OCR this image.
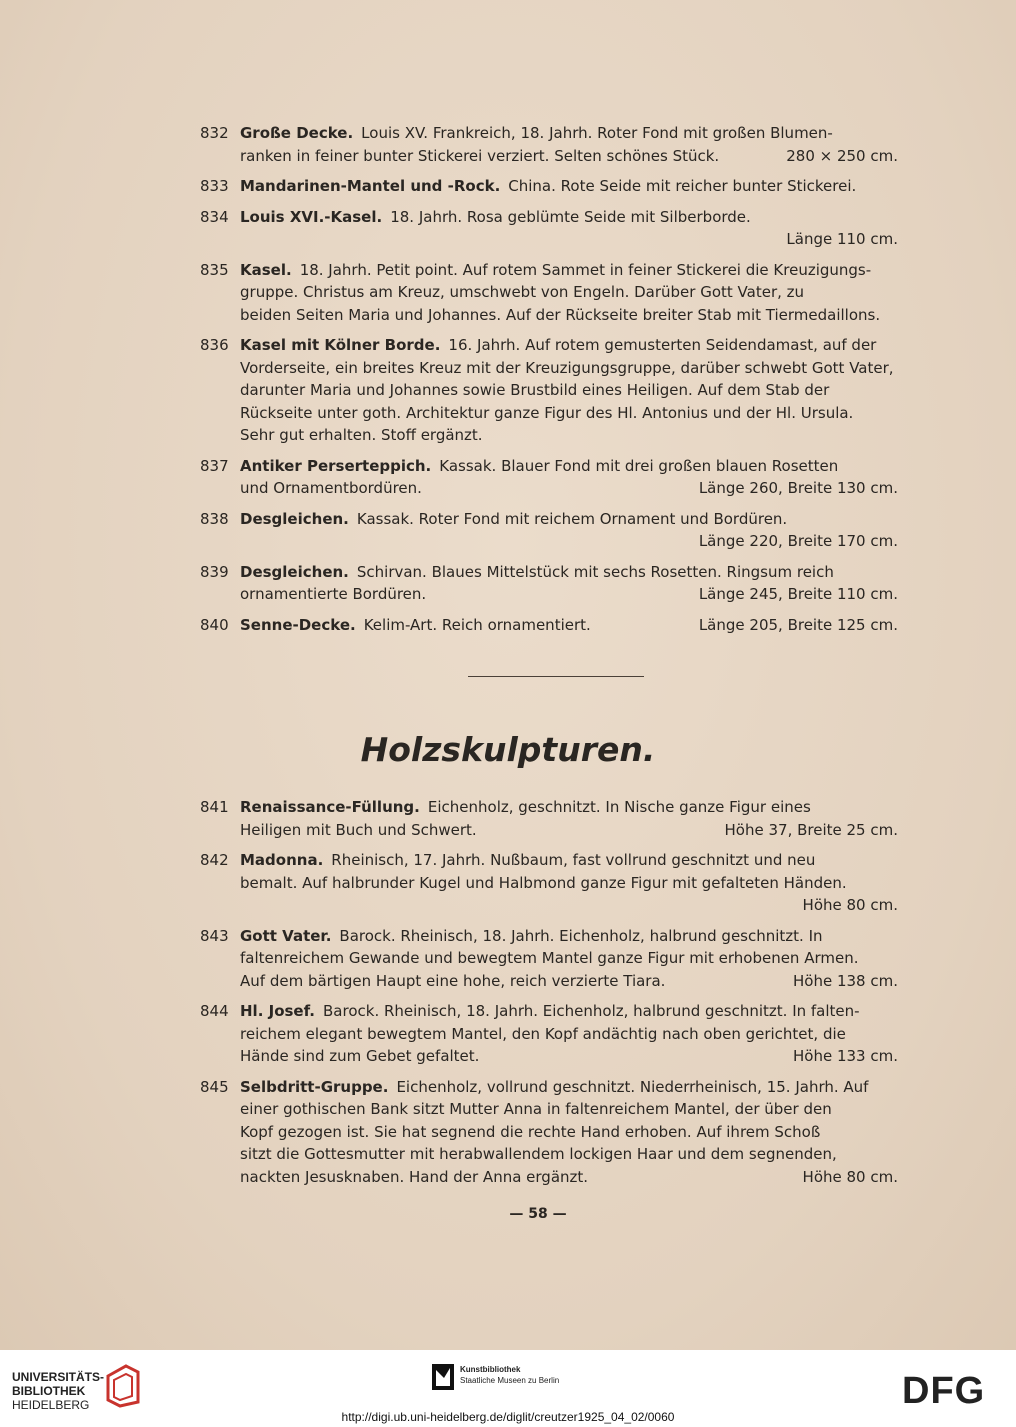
832 Große Decke. Louis XV. Frankreich, 18. Jahrh. Roter Fond mit großen Blumen-
ranken in feiner bunter Stickerei verziert. Selten schönes Stück.	280 × 250 cm.
833 Mandarinen-Mantel und -Rock. China. Rote Seide mit reicher bunter Stickerei.
834 Louis XVI.-Kasel. 18. Jahrh. Rosa geblümte Seide mit Silberborde.
Länge 110 cm.
835 Kasel. 18. Jahrh. Petit point. Auf rotem Sammet in feiner Stickerei die Kreuzigungs-
gruppe. Christus am Kreuz, umschwebt von Engeln. Darüber Gott Vater, zu
beiden Seiten Maria und Johannes. Auf der Rückseite breiter Stab mit Tiermedaillons.
836 Kasel mit Kölner Borde. 16. Jahrh. Auf rotem gemusterten Seidendamast, auf der
Vorderseite, ein breites Kreuz mit der Kreuzigungsgruppe, darüber schwebt Gott Vater,
darunter Maria und Johannes sowie Brustbild eines Heiligen. Auf dem Stab der
Rückseite unter goth. Architektur ganze Figur des Hl. Antonius und der Hl. Ursula.
Sehr gut erhalten. Stoff ergänzt.
837 Antiker Perserteppich. Kassak. Blauer Fond mit drei großen blauen Rosetten
und Ornamentbordüren.	Länge 260, Breite 130 cm.
838 Desgleichen. Kassak. Roter Fond mit reichem Ornament und Bordüren.
Länge 220, Breite 170 cm.
839 Desgleichen. Schirvan. Blaues Mittelstück mit sechs Rosetten. Ringsum reich
ornamentierte Bordüren.	Länge 245, Breite 110 cm.
840 Senne-Decke. Kelim-Art. Reich ornamentiert.	Länge 205, Breite 125 cm.
Holzskulpturen.
841 Renaissance-Füllung. Eichenholz, geschnitzt. In Nische ganze Figur eines
Heiligen mit Buch und Schwert.	Höhe 37, Breite 25 cm.
842 Madonna. Rheinisch, 17. Jahrh. Nußbaum, fast vollrund geschnitzt und neu
bemalt. Auf halbrunder Kugel und Halbmond ganze Figur mit gefalteten Händen.
Höhe 80 cm.
843 Gott Vater. Barock. Rheinisch, 18. Jahrh. Eichenholz, halbrund geschnitzt. In
faltenreichem Gewande und bewegtem Mantel ganze Figur mit erhobenen Armen.
Auf dem bärtigen Haupt eine hohe, reich verzierte Tiara.	Höhe 138 cm.
844 Hl. Josef. Barock. Rheinisch, 18. Jahrh. Eichenholz, halbrund geschnitzt. In falten-
reichem elegant bewegtem Mantel, den Kopf andächtig nach oben gerichtet, die
Hände sind zum Gebet gefaltet.	Höhe 133 cm.
845 Selbdritt-Gruppe. Eichenholz, vollrund geschnitzt. Niederrheinisch, 15. Jahrh. Auf
einer gothischen Bank sitzt Mutter Anna in faltenreichem Mantel, der über den
Kopf gezogen ist. Sie hat segnend die rechte Hand erhoben. Auf ihrem Schoß
sitzt die Gottesmutter mit herabwallendem lockigen Haar und dem segnenden,
nackten Jesusknaben. Hand der Anna ergänzt.	Höhe 80 cm.
— 58 —
UNIVERSITÄTS-
BIBLIOTHEK
HEIDELBERG
Kunstbibliothek
Staatliche Museen zu Berlin	DFG
http://digi.ub.uni-heidelberg.de/diglit/creutzer1925_04_02/0060
